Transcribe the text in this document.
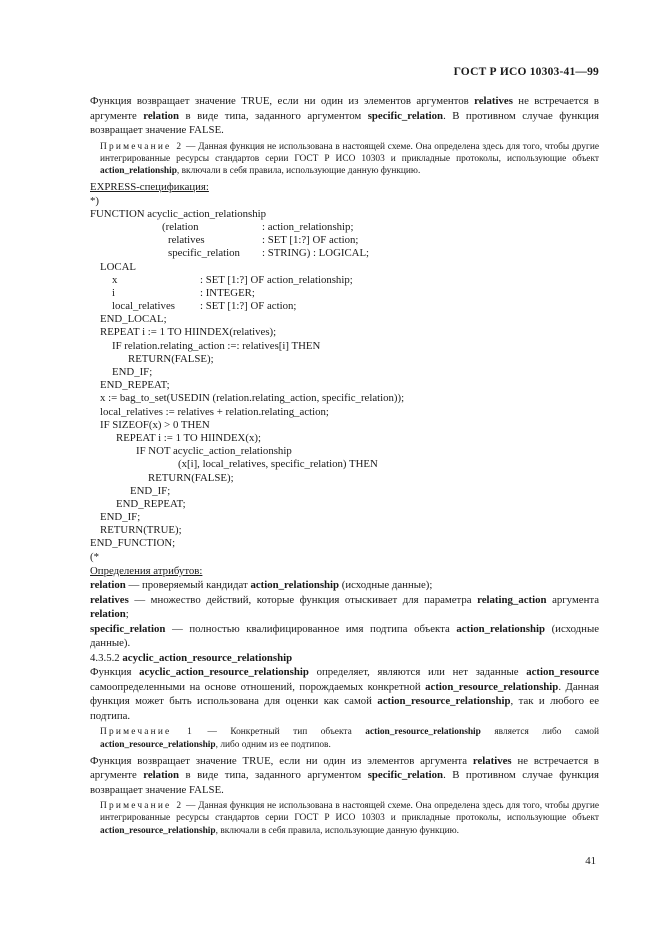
ГОСТ Р ИСО 10303-41—99

Функция возвращает значение TRUE, если ни один из элементов аргументов relatives не встречается в аргументе relation в виде типа, заданного аргументом specific_relation. В противном случае функция возвращает значение FALSE.

Примечание 2 — Данная функция не использована в настоящей схеме. Она определена здесь для того, чтобы другие интегрированные ресурсы стандартов серии ГОСТ Р ИСО 10303 и прикладные протоколы, использующие объект action_relationship, включали в себя правила, использующие данную функцию.

EXPRESS-спецификация:

*)
FUNCTION acyclic_action_relationship
(relation	: action_relationship;
relatives	: SET [1:?] OF action;
specific_relation : STRING) : LOGICAL;
LOCAL
x	: SET [1:?] OF action_relationship;
i	: INTEGER;
local_relatives : SET [1:?] OF action;
END_LOCAL;
REPEAT i := 1 TO HIINDEX(relatives);
IF relation.relating_action :=: relatives[i] THEN
RETURN(FALSE);
END_IF;
END_REPEAT;
x := bag_to_set(USEDIN (relation.relating_action, specific_relation));
local_relatives := relatives + relation.relating_action;
IF SIZEOF(x) > 0 THEN
REPEAT i := 1 TO HIINDEX(x);
IF NOT acyclic_action_relationship
(x[i], local_relatives, specific_relation) THEN
RETURN(FALSE);
END_IF;
END_REPEAT;
END_IF;
RETURN(TRUE);
END_FUNCTION;
(*

Определения атрибутов:

relation — проверяемый кандидат action_relationship (исходные данные);

relatives — множество действий, которые функция отыскивает для параметра relating_action аргумента relation;

specific_relation — полностью квалифицированное имя подтипа объекта action_relationship (исходные данные).

4.3.5.2 acyclic_action_resource_relationship

Функция acyclic_action_resource_relationship определяет, являются или нет заданные action_resource самоопределенными на основе отношений, порождаемых конкретной action_resource_relationship. Данная функция может быть использована для оценки как самой action_resource_relationship, так и любого ее подтипа.

Примечание 1 — Конкретный тип объекта action_resource_relationship является либо самой action_resource_relationship, либо одним из ее подтипов.

Функция возвращает значение TRUE, если ни один из элементов аргумента relatives не встречается в аргументе relation в виде типа, заданного аргументом specific_relation. В противном случае функция возвращает значение FALSE.

Примечание 2 — Данная функция не использована в настоящей схеме. Она определена здесь для того, чтобы другие интегрированные ресурсы стандартов серии ГОСТ Р ИСО 10303 и прикладные протоколы, использующие объект action_resource_relationship, включали в себя правила, использующие данную функцию.

41
